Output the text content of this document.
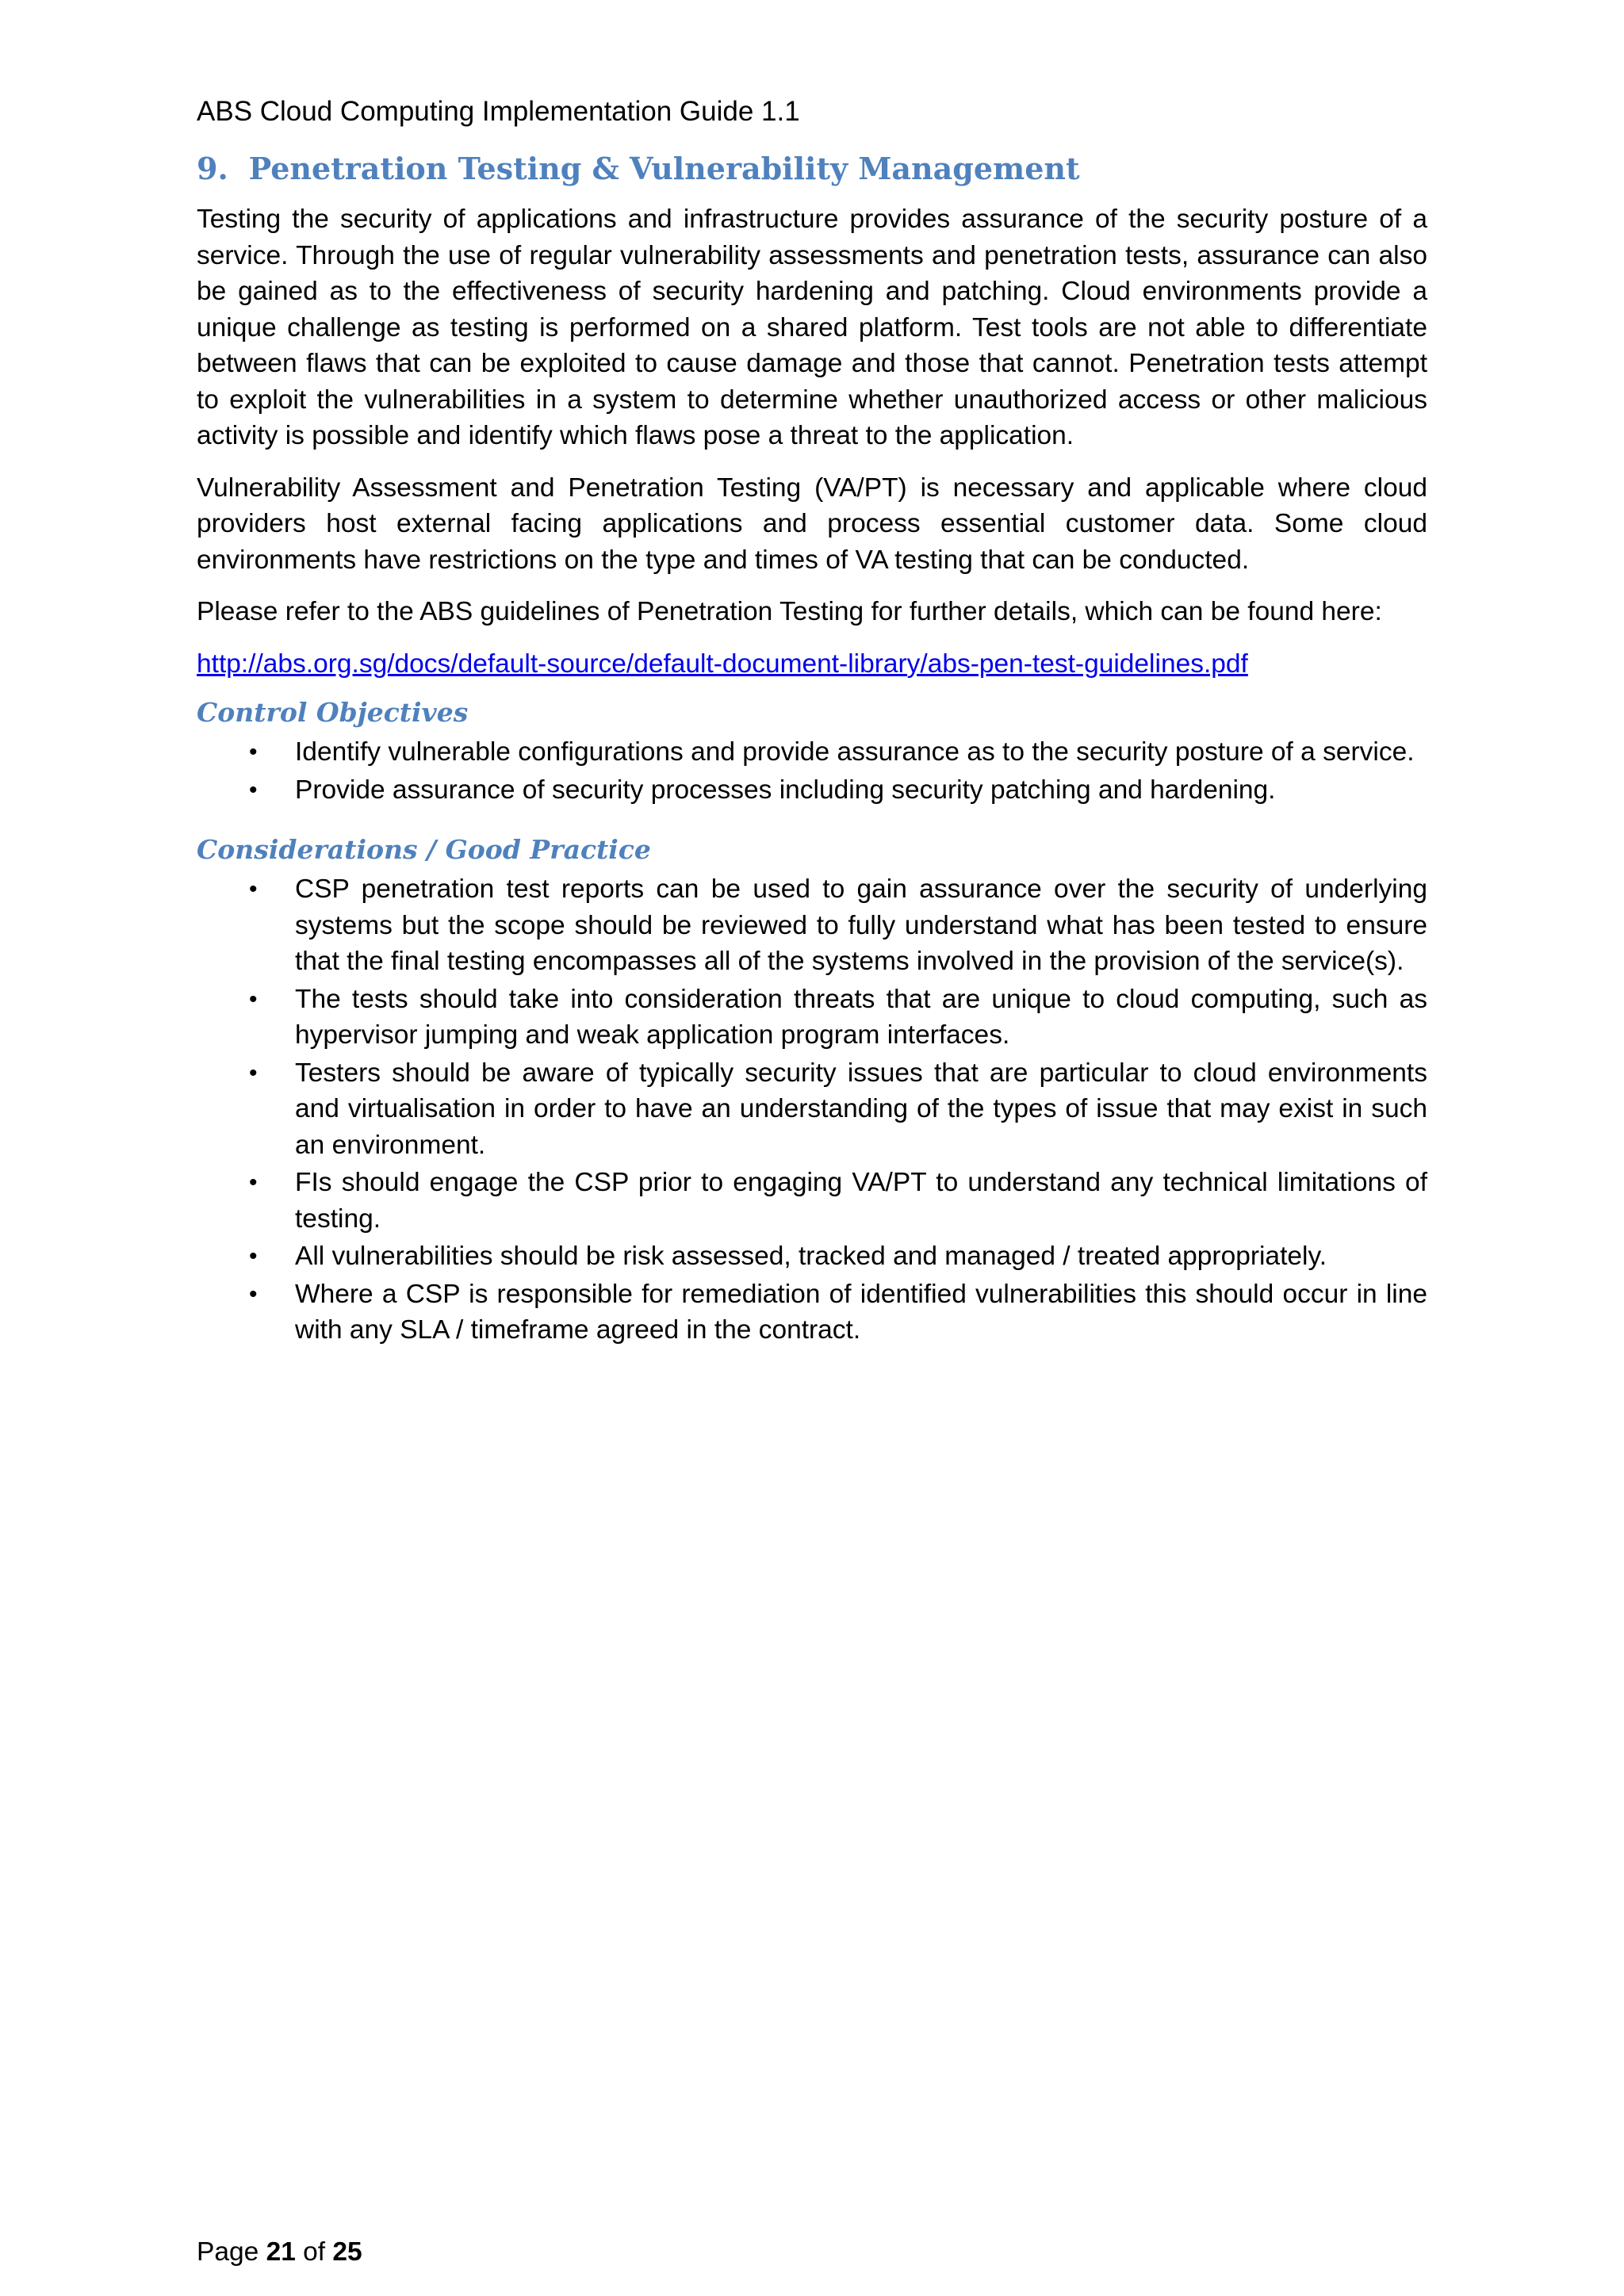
ABS Cloud Computing Implementation Guide 1.1

9. Penetration Testing & Vulnerability Management

Testing the security of applications and infrastructure provides assurance of the security posture of a service. Through the use of regular vulnerability assessments and penetration tests, assurance can also be gained as to the effectiveness of security hardening and patching. Cloud environments provide a unique challenge as testing is performed on a shared platform. Test tools are not able to differentiate between flaws that can be exploited to cause damage and those that cannot. Penetration tests attempt to exploit the vulnerabilities in a system to determine whether unauthorized access or other malicious activity is possible and identify which flaws pose a threat to the application.

Vulnerability Assessment and Penetration Testing (VA/PT) is necessary and applicable where cloud providers host external facing applications and process essential customer data. Some cloud environments have restrictions on the type and times of VA testing that can be conducted.

Please refer to the ABS guidelines of Penetration Testing for further details, which can be found here:

http://abs.org.sg/docs/default-source/default-document-library/abs-pen-test-guidelines.pdf

Control Objectives
• Identify vulnerable configurations and provide assurance as to the security posture of a service.
• Provide assurance of security processes including security patching and hardening.
Considerations / Good Practice
• CSP penetration test reports can be used to gain assurance over the security of underlying systems but the scope should be reviewed to fully understand what has been tested to ensure that the final testing encompasses all of the systems involved in the provision of the service(s).
• The tests should take into consideration threats that are unique to cloud computing, such as hypervisor jumping and weak application program interfaces.
• Testers should be aware of typically security issues that are particular to cloud environments and virtualisation in order to have an understanding of the types of issue that may exist in such an environment.
• FIs should engage the CSP prior to engaging VA/PT to understand any technical limitations of testing.
• All vulnerabilities should be risk assessed, tracked and managed / treated appropriately.
• Where a CSP is responsible for remediation of identified vulnerabilities this should occur in line with any SLA / timeframe agreed in the contract.
Page 21 of 25
